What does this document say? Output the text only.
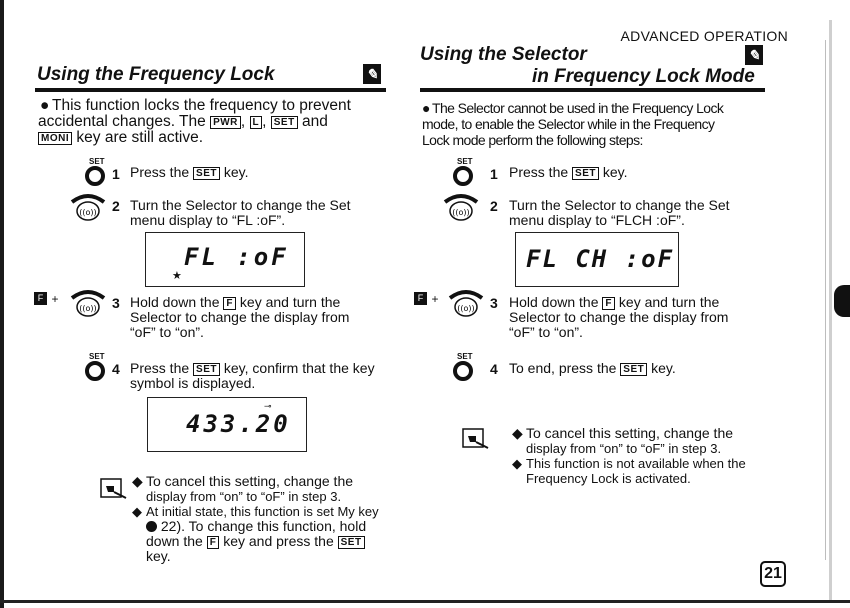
ADVANCED OPERATION
Using the Frequency Lock	✎
● This function locks the frequency to prevent
accidental changes. The PWR , L , SET and
MONI key are still active.
SET
1 Press the SET key.
((o)) 2 Turn the Selector to change the Set
menu display to “FL :oF”.
FL :oF
★
F +
((o)) 3 Hold down the F key and turn the
Selector to change the display from
“oF” to “on”.
SET
4 Press the SET key, confirm that the key
symbol is displayed.
433.20
⊸
◆ To cancel this setting, change the
display from “on” to “oF” in step 3.
◆ At initial state, this function is set My key
22). To change this function, hold
down the F key and press the SET
key.
Using the Selector
in Frequency Lock Mode
✎
● The Selector cannot be used in the Frequency Lock
mode, to enable the Selector while in the Frequency
Lock mode perform the following steps:
SET
1 Press the SET key.
((o)) 2 Turn the Selector to change the Set
menu display to “FLCH :oF”.
FL CH :oF
F +
((o)) 3 Hold down the F key and turn the
Selector to change the display from
“oF” to “on”.
SET
4 To end, press the SET key.
◆ To cancel this setting, change the
display from “on” to “oF” in step 3.
◆ This function is not available when the
Frequency Lock is activated.
21
